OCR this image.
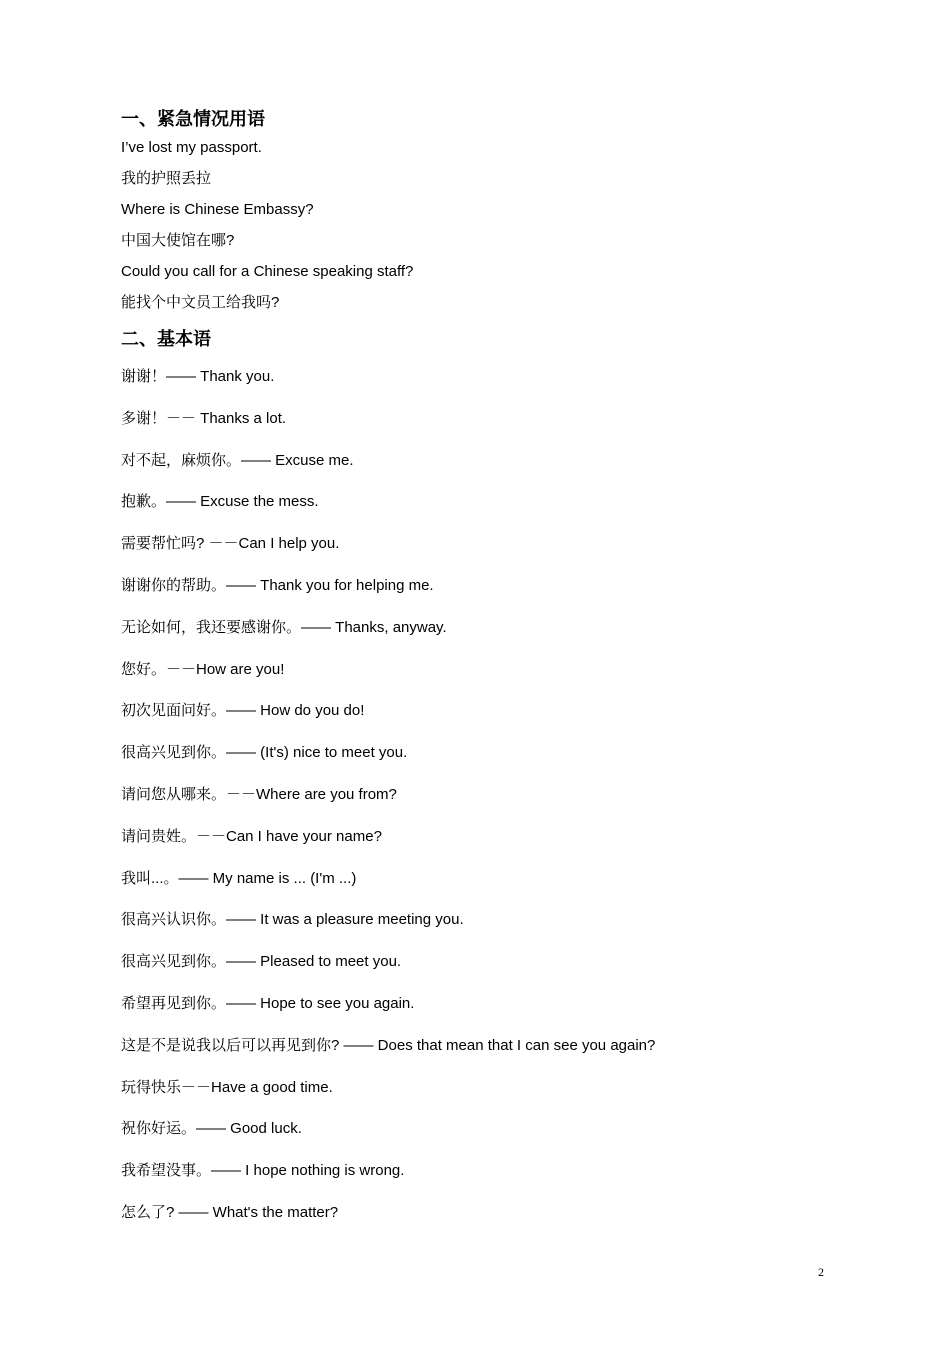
一、紧急情况用语
I’ve lost my passport.
我的护照丢拉
Where is Chinese Embassy?
中国大使馆在哪?
Could you call for a Chinese speaking staff?
能找个中文员工给我吗?
二、基本语
谢谢！—— Thank you.
多谢！－－ Thanks a lot.
对不起，麻烦你。—— Excuse me.
抱歉。—— Excuse the mess.
需要帮忙吗? －－Can I help you.
谢谢你的帮助。—— Thank you for helping me.
无论如何，我还要感谢你。—— Thanks, anyway.
您好。－－How are you!
初次见面问好。—— How do you do!
很高兴见到你。—— (It's) nice to meet you.
请问您从哪来。－－Where are you from?
请问贵姓。－－Can I have your name?
我叫...。—— My name is ... (I'm ...)
很高兴认识你。—— It was a pleasure meeting you.
很高兴见到你。—— Pleased to meet you.
希望再见到你。—— Hope to see you again.
这是不是说我以后可以再见到你? —— Does that mean that I can see you again?
玩得快乐－－Have a good time.
祝你好运。—— Good luck.
我希望没事。—— I hope nothing is wrong.
怎么了? —— What's the matter?
2
